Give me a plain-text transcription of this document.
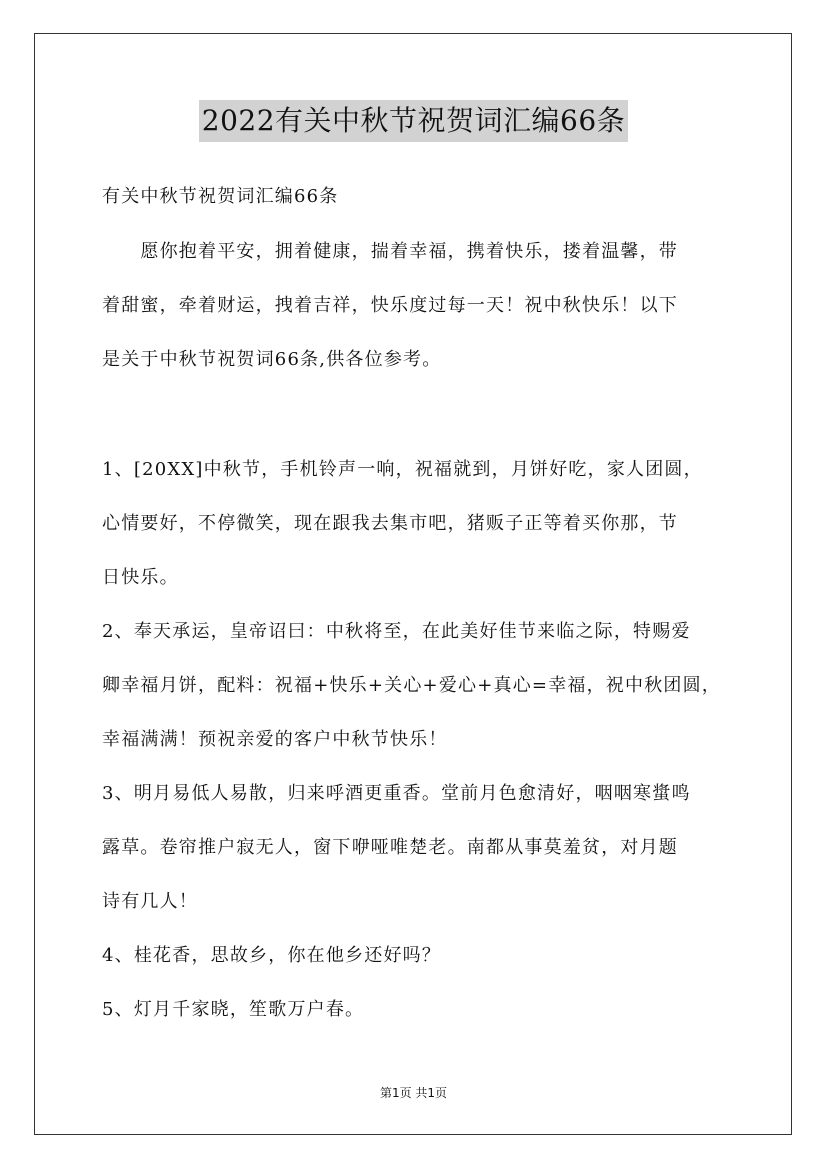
2022有关中秋节祝贺词汇编66条
有关中秋节祝贺词汇编66条
　　愿你抱着平安，拥着健康，揣着幸福，携着快乐，搂着温馨，带
着甜蜜，牵着财运，拽着吉祥，快乐度过每一天！祝中秋快乐！以下
是关于中秋节祝贺词66条,供各位参考。
1、[20XX]中秋节，手机铃声一响，祝福就到，月饼好吃，家人团圆，
心情要好，不停微笑，现在跟我去集市吧，猪贩子正等着买你那，节
日快乐。
2、奉天承运，皇帝诏曰：中秋将至，在此美好佳节来临之际，特赐爱
卿幸福月饼，配料：祝福+快乐+关心+爱心+真心=幸福，祝中秋团圆，
幸福满满！预祝亲爱的客户中秋节快乐！
3、明月易低人易散，归来呼酒更重香。堂前月色愈清好，咽咽寒螀鸣
露草。卷帘推户寂无人，窗下咿哑唯楚老。南都从事莫羞贫，对月题
诗有几人！
4、桂花香，思故乡，你在他乡还好吗？
5、灯月千家晓，笙歌万户春。
第1页 共1页
